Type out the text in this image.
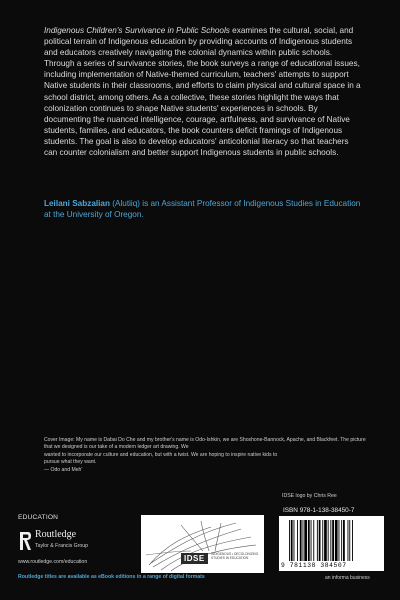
Indigenous Children's Survivance in Public Schools examines the cultural, social, and political terrain of Indigenous education by providing accounts of Indigenous students and educators creatively navigating the colonial dynamics within public schools. Through a series of survivance stories, the book surveys a range of educational issues, including implementation of Native-themed curriculum, teachers' attempts to support Native students in their classrooms, and efforts to claim physical and cultural space in a school district, among others. As a collective, these stories highlight the ways that colonization continues to shape Native students' experiences in schools. By documenting the nuanced intelligence, courage, artfulness, and survivance of Native students, families, and educators, the book counters deficit framings of Indigenous students. The goal is also to develop educators' anticolonial literacy so that teachers can counter colonialism and better support Indigenous students in public schools.
Leilani Sabzalian (Alutiiq) is an Assistant Professor of Indigenous Studies in Education at the University of Oregon.
Cover Image: My name is Dabai Do Che and my brother's name is Odo-Ishkin, we are Shoshone-Bannock, Apache, and Blackfeet. The picture that we designed is our take of a modern ledger art drawing. We
wanted to incorporate our culture and education, but with a twist. We are hoping to inspire native kids to
pursue what they want.
— Odo and Meh'
IDSE logo by Chris Ree
EDUCATION
Routledge
Taylor & Francis Group
www.routledge.com/education
Routledge titles are available as eBook editions in a range of digital formats
IDSE	INDIGENOUS • DECOLONIZING STUDIES IN EDUCATION
ISBN 978-1-138-38450-7
9 781138 384507
an informa business
